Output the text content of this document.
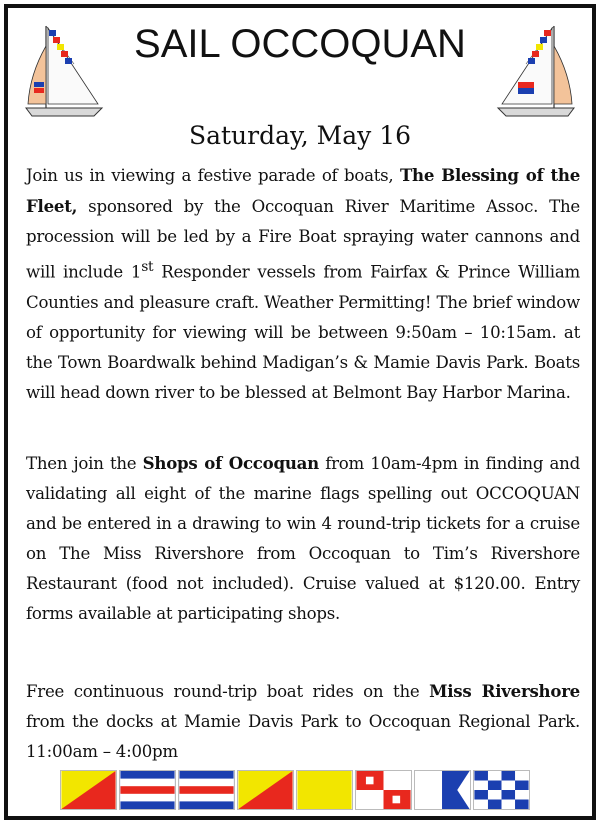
SAIL OCCOQUAN
Saturday, May 16
Join us in viewing a festive parade of boats, The Blessing of the Fleet, sponsored by the Occoquan River Maritime Assoc. The procession will be led by a Fire Boat spraying water cannons and will include 1st Responder vessels from Fairfax & Prince William Counties and pleasure craft. Weather Permitting! The brief window of opportunity for viewing will be between 9:50am – 10:15am. at the Town Boardwalk behind Madigan’s & Mamie Davis Park. Boats will head down river to be blessed at Belmont Bay Harbor Marina.
Then join the Shops of Occoquan from 10am-4pm in finding and validating all eight of the marine flags spelling out OCCOQUAN and be entered in a drawing to win 4 round-trip tickets for a cruise on The Miss Rivershore from Occoquan to Tim’s Rivershore Restaurant (food not included). Cruise valued at $120.00. Entry forms available at participating shops.
Free continuous round-trip boat rides on the Miss Rivershore from the docks at Mamie Davis Park to Occoquan Regional Park. 11:00am – 4:00pm
